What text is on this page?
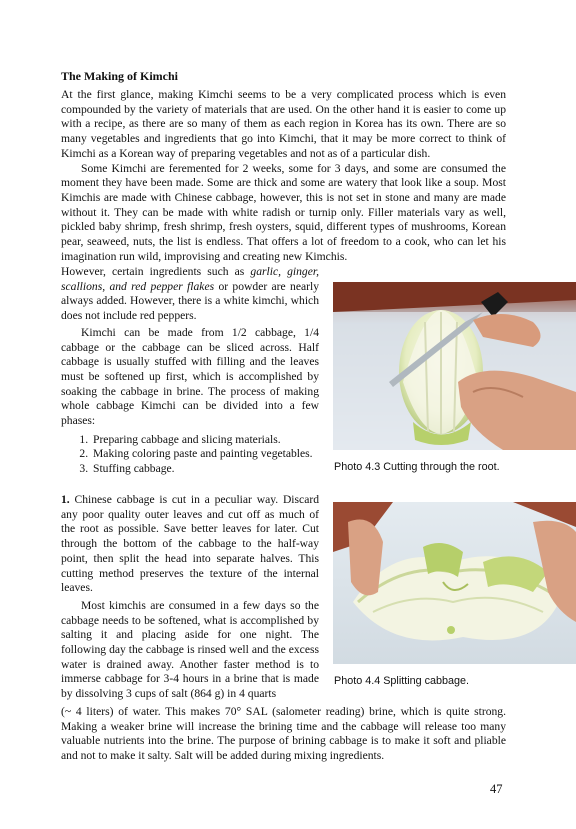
The Making of Kimchi

At the first glance, making Kimchi seems to be a very complicated process which is even compounded by the variety of materials that are used. On the other hand it is easier to come up with a recipe, as there are so many of them as each region in Korea has its own. There are so many vegetables and ingredients that go into Kimchi, that it may be more correct to think of Kimchi as a Korean way of preparing vegetables and not as of a particular dish.

Some Kimchi are feremented for 2 weeks, some for 3 days, and some are consumed the moment they have been made. Some are thick and some are watery that look like a soup. Most Kimchis are made with Chinese cabbage, however, this is not set in stone and many are made without it. They can be made with white radish or turnip only. Filler materials vary as well, pickled baby shrimp, fresh shrimp, fresh oysters, squid, different types of mushrooms, Korean pear, seaweed, nuts, the list is endless. That offers a lot of freedom to a cook, who can let his imagination run wild, improvising and creating new Kimchis.

However, certain ingredients such as garlic, ginger, scallions, and red pepper flakes or powder are nearly always added. However, there is a white kimchi, which does not include red peppers.

Kimchi can be made from 1/2 cabbage, 1/4 cabbage or the cabbage can be sliced across. Half cabbage is usually stuffed with filling and the leaves must be softened up first, which is accomplished by soaking the cabbage in brine. The process of making whole cabbage Kimchi can be divided into a few phases:

1. Preparing cabbage and slicing materials.
2. Making coloring paste and painting vegetables.
3. Stuffing cabbage.

1. Chinese cabbage is cut in a peculiar way. Discard any poor quality outer leaves and cut off as much of the root as possible. Save better leaves for later. Cut through the bottom of the cabbage to the half-way point, then split the head into separate halves. This cutting method preserves the texture of the internal leaves.

Most kimchis are consumed in a few days so the cabbage needs to be softened, what is accomplished by salting it and placing aside for one night. The following day the cabbage is rinsed well and the excess water is drained away. Another faster method is to immerse cabbage for 3-4 hours in a brine that is made by dissolving 3 cups of salt (864 g) in 4 quarts

(~ 4 liters) of water. This makes 70° SAL (salometer reading) brine, which is quite strong. Making a weaker brine will increase the brining time and the cabbage will release too many valuable nutrients into the brine. The purpose of brining cabbage is to make it soft and pliable and not to make it salty. Salt will be added during mixing ingredients.

Photo 4.3 Cutting through the root.
Photo 4.4 Splitting cabbage.
47
